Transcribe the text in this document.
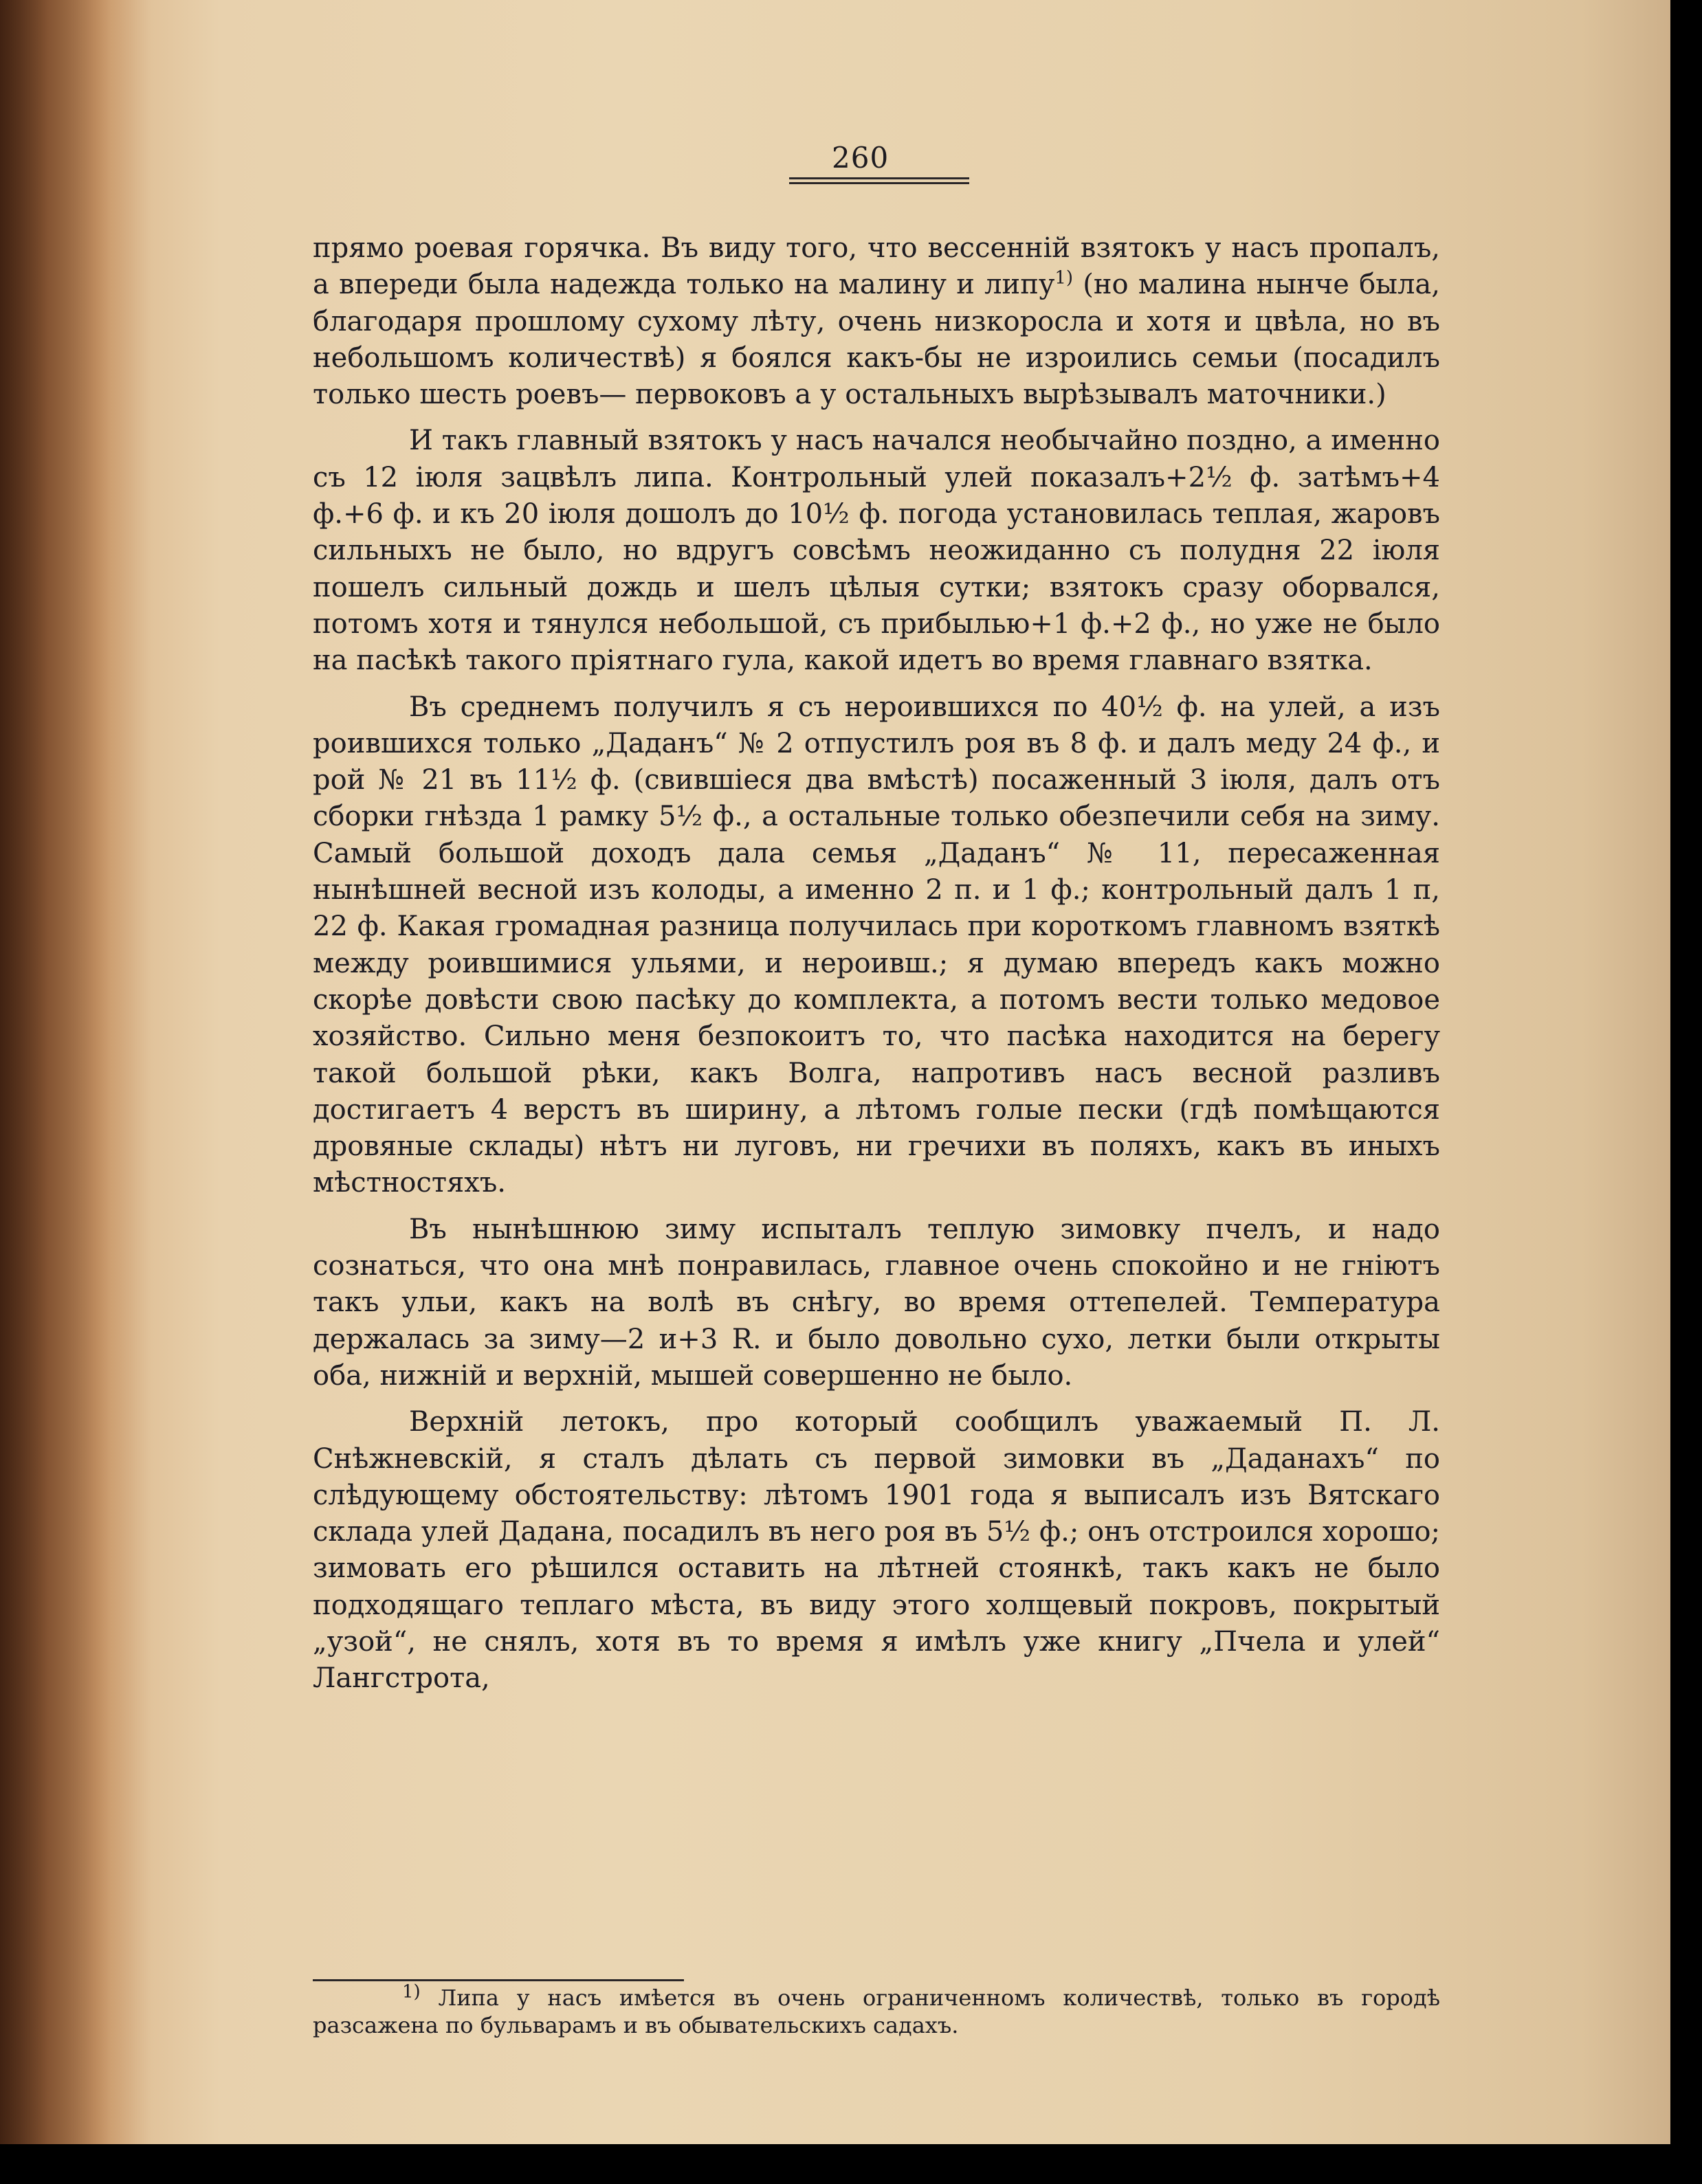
260

прямо роевая горячка. Въ виду того, что вессенній взятокъ у насъ пропалъ, а впереди была надежда только на малину и липу$^{1)}$ (но малина нынче была, благодаря прошлому сухому лѣту, очень низкоросла и хотя и цвѣла, но въ небольшомъ количествѣ) я боялся какъ-бы не изроились семьи (посадилъ только шесть роевъ— первоковъ а у остальныхъ вырѣзывалъ маточники.)

И такъ главный взятокъ у насъ начался необычайно поздно, а именно съ 12 іюля зацвѣлъ липа. Контрольный улей показалъ+2½ ф. затѣмъ+4 ф.+6 ф. и къ 20 іюля дошолъ до 10½ ф. погода установилась теплая, жаровъ сильныхъ не было, но вдругъ совсѣмъ неожиданно съ полудня 22 іюля пошелъ сильный дождь и шелъ цѣлыя сутки; взятокъ сразу оборвался, потомъ хотя и тянулся небольшой, съ прибылью+1 ф.+2 ф., но уже не было на пасѣкѣ такого пріятнаго гула, какой идетъ во время главнаго взятка.

Въ среднемъ получилъ я съ нероившихся по 40½ ф. на улей, а изъ роившихся только „Даданъ“ № 2 отпустилъ роя въ 8 ф. и далъ меду 24 ф., и рой № 21 въ 11½ ф. (свившіеся два вмѣстѣ) посаженный 3 іюля, далъ отъ сборки гнѣзда 1 рамку 5½ ф., а остальные только обезпечили себя на зиму. Самый большой доходъ дала семья „Даданъ“ № 11, пересаженная нынѣшней весной изъ колоды, а именно 2 п. и 1 ф.; контрольный далъ 1 п, 22 ф. Какая громадная разница получилась при короткомъ главномъ взяткѣ между роившимися ульями, и нероивш.; я думаю впередъ какъ можно скорѣе довѣсти свою пасѣку до комплекта, а потомъ вести только медовое хозяйство. Сильно меня безпокоитъ то, что пасѣка находится на берегу такой большой рѣки, какъ Волга, напротивъ насъ весной разливъ достигаетъ 4 верстъ въ ширину, а лѣтомъ голые пески (гдѣ помѣщаются дровяные склады) нѣтъ ни луговъ, ни гречихи въ поляхъ, какъ въ иныхъ мѣстностяхъ.

Въ нынѣшнюю зиму испыталъ теплую зимовку пчелъ, и надо сознаться, что она мнѣ понравилась, главное очень спокойно и не гніютъ такъ ульи, какъ на волѣ въ снѣгу, во время оттепелей. Температура держалась за зиму—2 и+3 R. и было довольно сухо, летки были открыты оба, нижній и верхній, мышей совершенно не было.

Верхній летокъ, про который сообщилъ уважаемый П. Л. Снѣжневскій, я сталъ дѣлать съ первой зимовки въ „Даданахъ“ по слѣдующему обстоятельству: лѣтомъ 1901 года я выписалъ изъ Вятскаго склада улей Дадана, посадилъ въ него роя въ 5½ ф.; онъ отстроился хорошо; зимовать его рѣшился оставить на лѣтней стоянкѣ, такъ какъ не было подходящаго теплаго мѣста, въ виду этого холщевый покровъ, покрытый „узой“, не снялъ, хотя въ то время я имѣлъ уже книгу „Пчела и улей“ Лангстрота,

$^{1)}$ Липа у насъ имѣется въ очень ограниченномъ количествѣ, только въ городѣ разсажена по бульварамъ и въ обывательскихъ садахъ.
